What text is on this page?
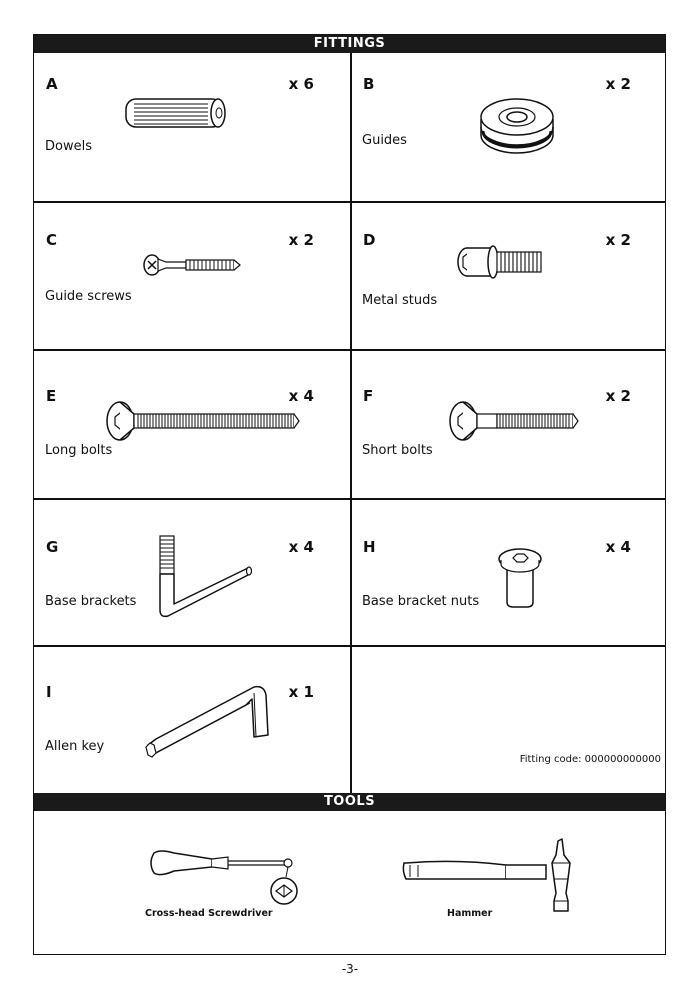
FITTINGS
A	x 6
Dowels
B	x 2
Guides
C	x 2
Guide screws
D	x 2
Metal studs
E	x 4
Long bolts
F	x 2
Short bolts
G	x 4
Base brackets
H	x 4
Base bracket nuts
I	x 1
Allen key
Fitting code: 000000000000
TOOLS
Cross-head Screwdriver	Hammer
-3-
